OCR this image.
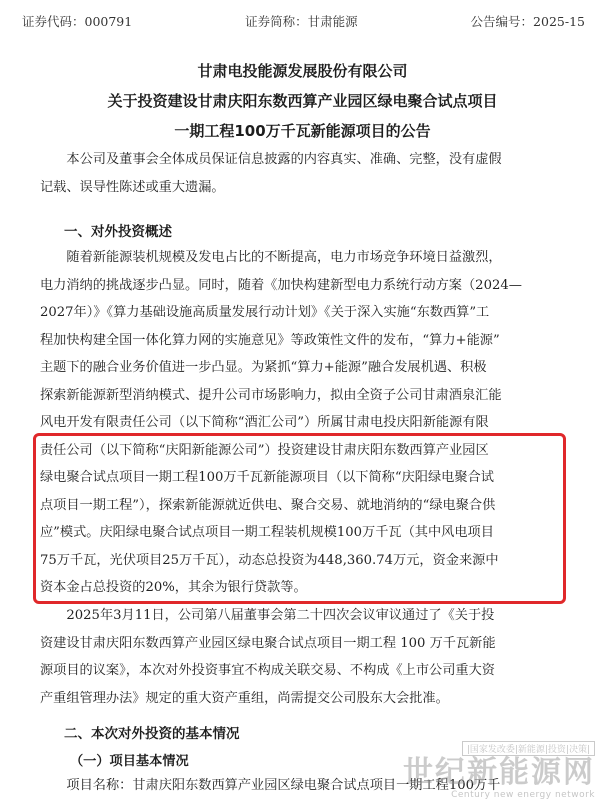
证券代码：000791	证券简称：甘肃能源	公告编号：2025-15
甘肃电投能源发展股份有限公司
关于投资建设甘肃庆阳东数西算产业园区绿电聚合试点项目
一期工程100万千瓦新能源项目的公告
本公司及董事会全体成员保证信息披露的内容真实、准确、完整，没有虚假
记载、误导性陈述或重大遗漏。
一、对外投资概述
随着新能源装机规模及发电占比的不断提高，电力市场竞争环境日益激烈，
电力消纳的挑战逐步凸显。同时，随着《加快构建新型电力系统行动方案（2024—
2027年）》《算力基础设施高质量发展行动计划》《关于深入实施“东数西算”工
程加快构建全国一体化算力网的实施意见》等政策性文件的发布，“算力+能源”
主题下的融合业务价值进一步凸显。为紧抓“算力+能源”融合发展机遇、积极
探索新能源新型消纳模式、提升公司市场影响力，拟由全资子公司甘肃酒泉汇能
风电开发有限责任公司（以下简称“酒汇公司”）所属甘肃电投庆阳新能源有限
责任公司（以下简称“庆阳新能源公司”）投资建设甘肃庆阳东数西算产业园区
绿电聚合试点项目一期工程100万千瓦新能源项目（以下简称“庆阳绿电聚合试
点项目一期工程”），探索新能源就近供电、聚合交易、就地消纳的“绿电聚合供
应”模式。庆阳绿电聚合试点项目一期工程装机规模100万千瓦（其中风电项目
75万千瓦，光伏项目25万千瓦），动态总投资为448,360.74万元，资金来源中
资本金占总投资的20%，其余为银行贷款等。
2025年3月11日，公司第八届董事会第二十四次会议审议通过了《关于投
资建设甘肃庆阳东数西算产业园区绿电聚合试点项目一期工程 100 万千瓦新能
源项目的议案》，本次对外投资事宜不构成关联交易、不构成《上市公司重大资
产重组管理办法》规定的重大资产重组，尚需提交公司股东大会批准。
二、本次对外投资的基本情况
（一）项目基本情况
项目名称：甘肃庆阳东数西算产业园区绿电聚合试点项目一期工程100万千
|国家发改委|新能源|投资|决策|
世纪新能源网
Century new energy network
